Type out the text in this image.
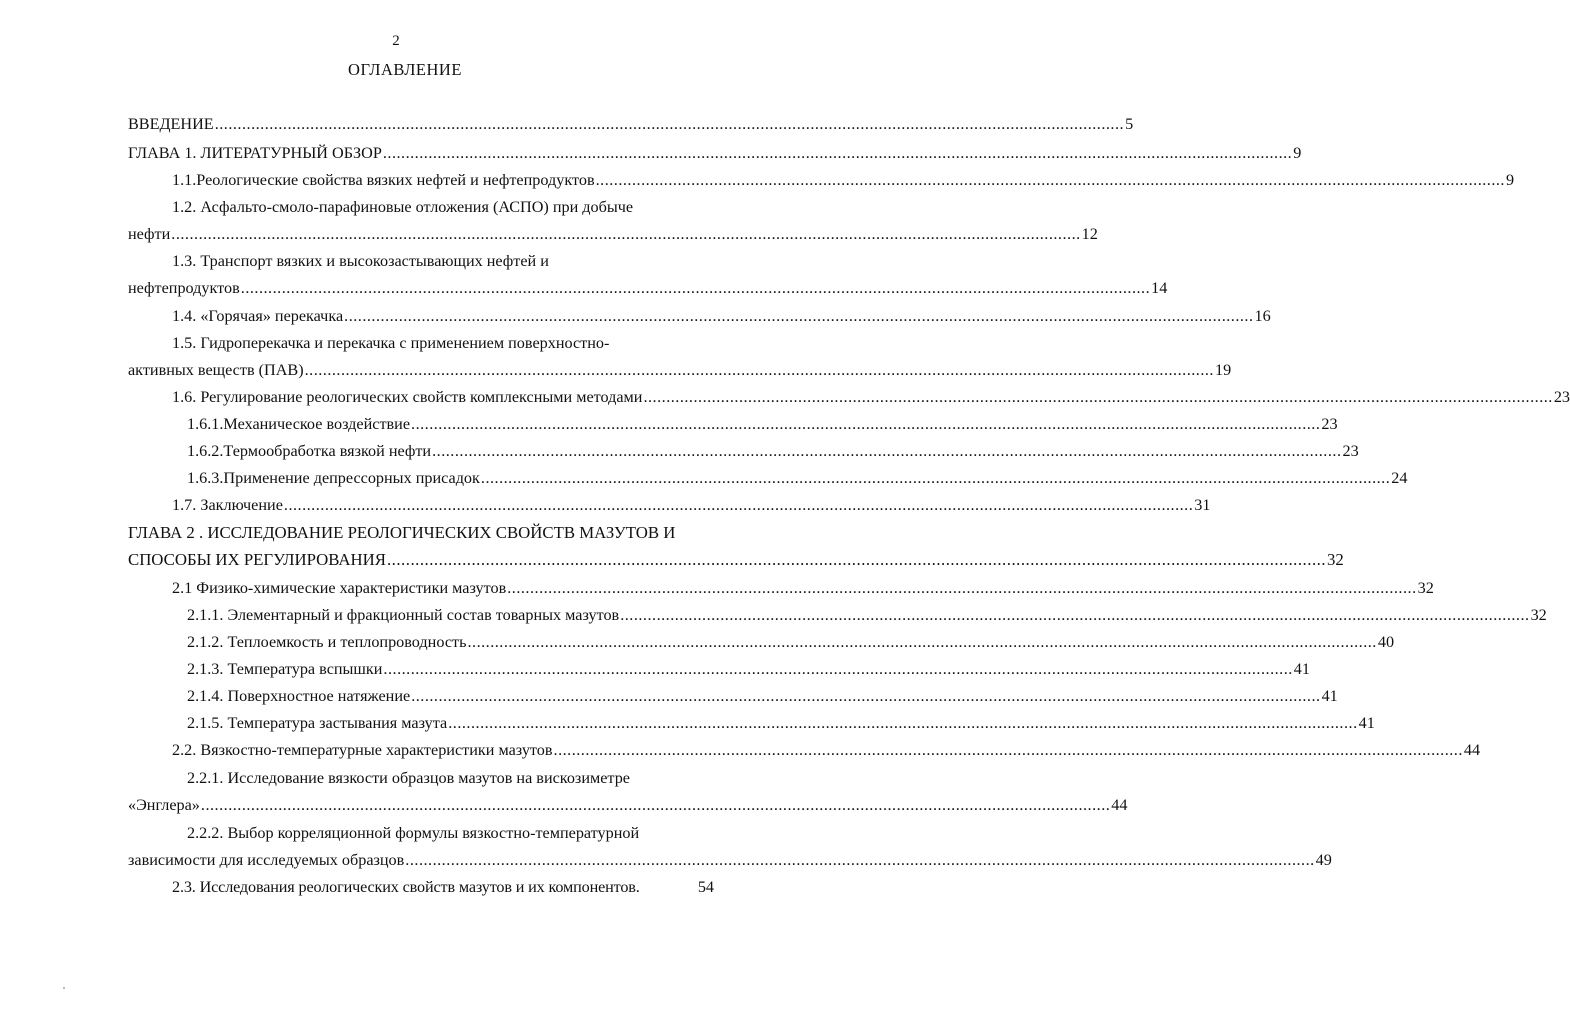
2
ОГЛАВЛЕНИЕ
ВВЕДЕНИЕ ........................................................................................................................................................................................................ 5
ГЛАВА 1. ЛИТЕРАТУРНЫЙ ОБЗОР ........................................................................................................................................................................................................ 9
1.1.Реологические свойства вязких нефтей и нефтепродуктов ........................................................................................................................................................................................................ 9
1.2. Асфальто-смоло-парафиновые отложения (АСПО) при добыче
нефти ........................................................................................................................................................................................................ 12
1.3. Транспорт вязких и высокозастывающих нефтей и
нефтепродуктов ........................................................................................................................................................................................................ 14
1.4. «Горячая» перекачка ........................................................................................................................................................................................................ 16
1.5. Гидроперекачка и перекачка с применением поверхностно-
активных веществ (ПАВ) ........................................................................................................................................................................................................ 19
1.6. Регулирование реологических свойств комплексными методами ........................................................................................................................................................................................................ 23
1.6.1.Механическое воздействие ........................................................................................................................................................................................................ 23
1.6.2.Термообработка вязкой нефти ........................................................................................................................................................................................................ 23
1.6.3.Применение депрессорных присадок ........................................................................................................................................................................................................ 24
1.7. Заключение ........................................................................................................................................................................................................ 31
ГЛАВА 2 . ИССЛЕДОВАНИЕ РЕОЛОГИЧЕСКИХ СВОЙСТВ МАЗУТОВ И
СПОСОБЫ ИХ РЕГУЛИРОВАНИЯ ........................................................................................................................................................................................................ 32
2.1 Физико-химические характеристики мазутов ........................................................................................................................................................................................................ 32
2.1.1. Элементарный и фракционный состав товарных мазутов ........................................................................................................................................................................................................ 32
2.1.2. Теплоемкость и теплопроводность ........................................................................................................................................................................................................ 40
2.1.3. Температура вспышки ........................................................................................................................................................................................................ 41
2.1.4. Поверхностное натяжение ........................................................................................................................................................................................................ 41
2.1.5. Температура застывания мазута ........................................................................................................................................................................................................ 41
2.2. Вязкостно-температурные характеристики мазутов ........................................................................................................................................................................................................ 44
2.2.1. Исследование вязкости образцов мазутов на вискозиметре
«Энглера» ........................................................................................................................................................................................................ 44
2.2.2. Выбор корреляционной формулы вязкостно-температурной
зависимости для исследуемых образцов ........................................................................................................................................................................................................ 49
2.3. Исследования реологических свойств мазутов и их компонентов.	54
